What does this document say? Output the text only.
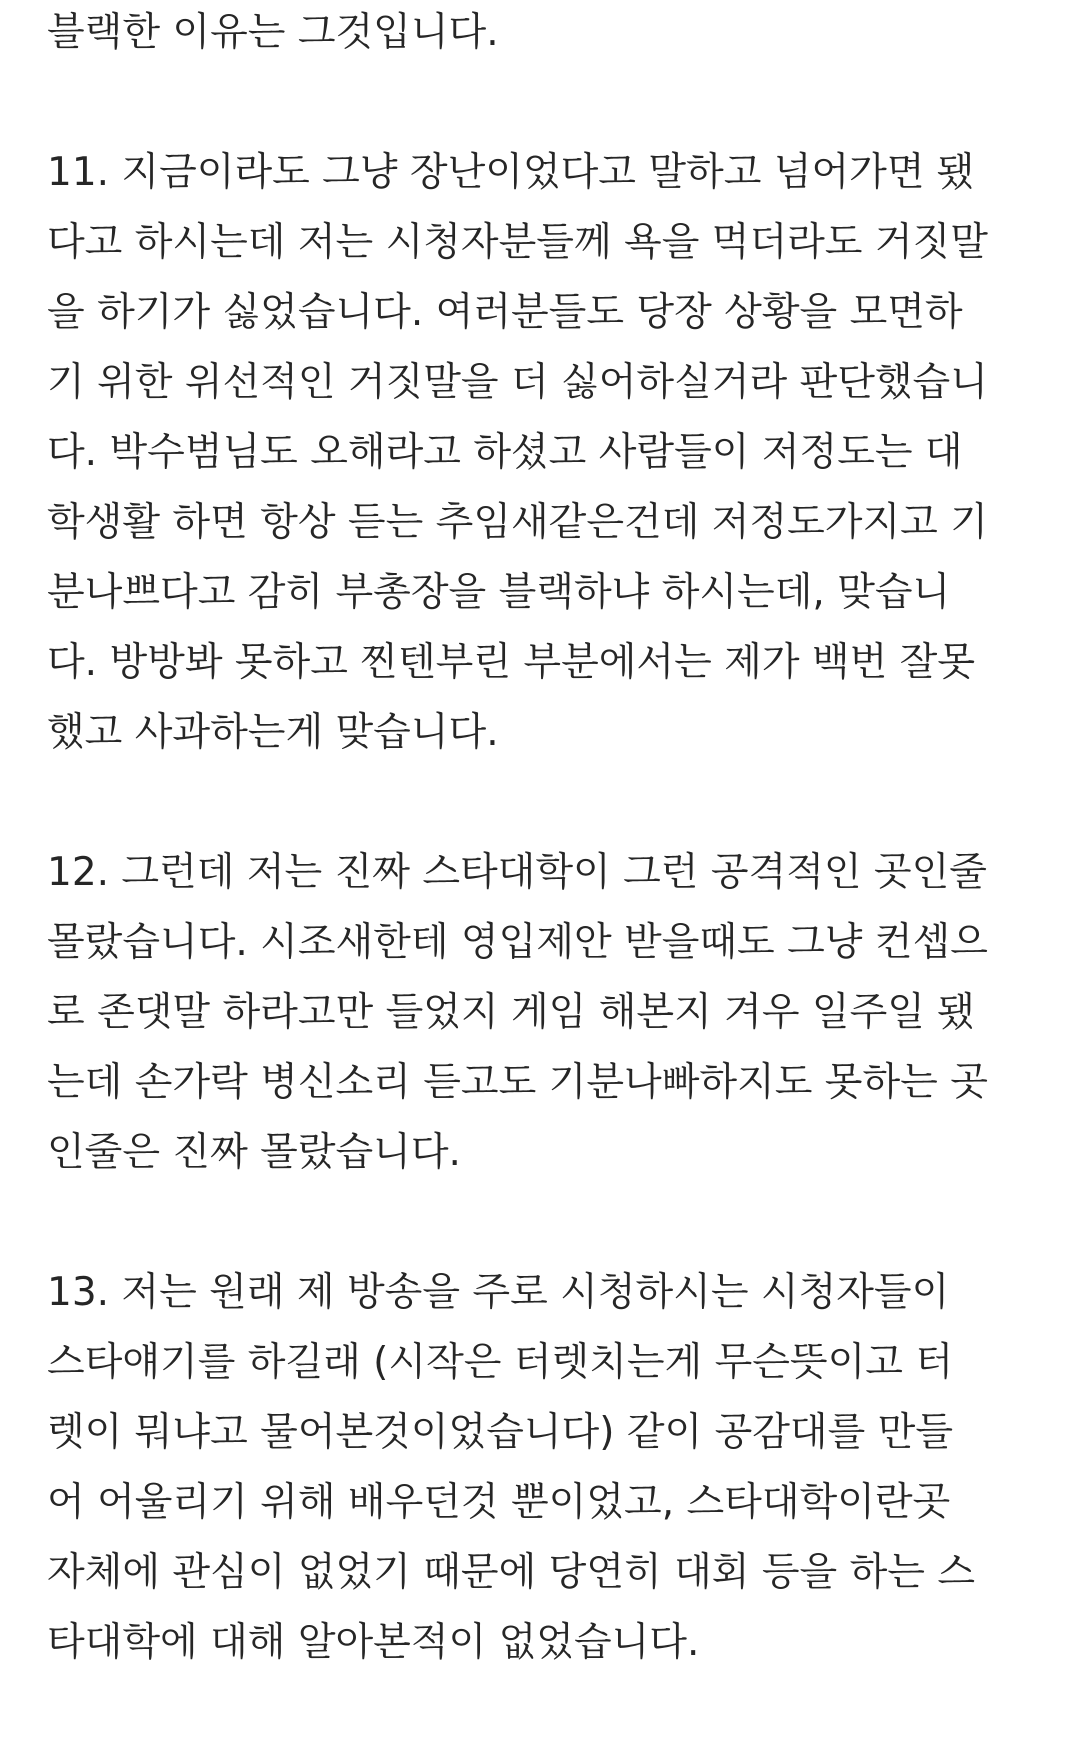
블랙한 이유는 그것입니다.
11. 지금이라도 그냥 장난이었다고 말하고 넘어가면 됐
다고 하시는데 저는 시청자분들께 욕을 먹더라도 거짓말
을 하기가 싫었습니다. 여러분들도 당장 상황을 모면하
기 위한 위선적인 거짓말을 더 싫어하실거라 판단했습니
다. 박수범님도 오해라고 하셨고 사람들이 저정도는 대
학생활 하면 항상 듣는 추임새같은건데 저정도가지고 기
분나쁘다고 감히 부총장을 블랙하냐 하시는데, 맞습니
다. 방방봐 못하고 찐텐부린 부분에서는 제가 백번 잘못
했고 사과하는게 맞습니다.
12. 그런데 저는 진짜 스타대학이 그런 공격적인 곳인줄
몰랐습니다. 시조새한테 영입제안 받을때도 그냥 컨셉으
로 존댓말 하라고만 들었지 게임 해본지 겨우 일주일 됐
는데 손가락 병신소리 듣고도 기분나빠하지도 못하는 곳
인줄은 진짜 몰랐습니다.
13. 저는 원래 제 방송을 주로 시청하시는 시청자들이
스타얘기를 하길래 (시작은 터렛치는게 무슨뜻이고 터
렛이 뭐냐고 물어본것이었습니다) 같이 공감대를 만들
어 어울리기 위해 배우던것 뿐이었고, 스타대학이란곳
자체에 관심이 없었기 때문에 당연히 대회 등을 하는 스
타대학에 대해 알아본적이 없었습니다.
